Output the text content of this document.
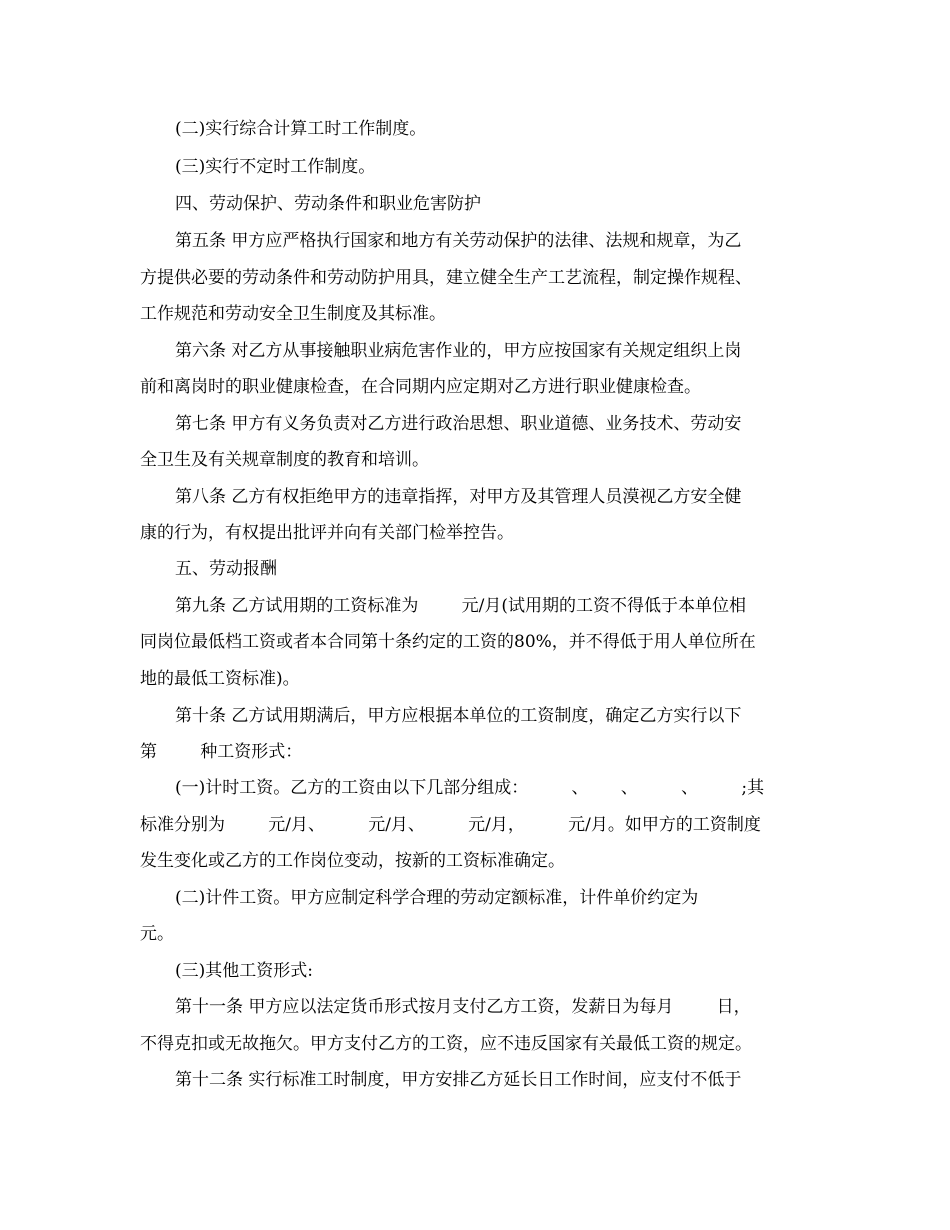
(二)实行综合计算工时工作制度。
(三)实行不定时工作制度。
四、劳动保护、劳动条件和职业危害防护
第五条 甲方应严格执行国家和地方有关劳动保护的法律、法规和规章，为乙
方提供必要的劳动条件和劳动防护用具，建立健全生产工艺流程，制定操作规程、
工作规范和劳动安全卫生制度及其标准。
第六条 对乙方从事接触职业病危害作业的，甲方应按国家有关规定组织上岗
前和离岗时的职业健康检查，在合同期内应定期对乙方进行职业健康检查。
第七条 甲方有义务负责对乙方进行政治思想、职业道德、业务技术、劳动安
全卫生及有关规章制度的教育和培训。
第八条 乙方有权拒绝甲方的违章指挥，对甲方及其管理人员漠视乙方安全健
康的行为，有权提出批评并向有关部门检举控告。
五、劳动报酬
第九条 乙方试用期的工资标准为        元/月(试用期的工资不得低于本单位相
同岗位最低档工资或者本合同第十条约定的工资的80%，并不得低于用人单位所在
地的最低工资标准)。
第十条 乙方试用期满后，甲方应根据本单位的工资制度，确定乙方实行以下
第        种工资形式：
(一)计时工资。乙方的工资由以下几部分组成：        、      、        、        ;其
标准分别为        元/月、        元/月、        元/月，        元/月。如甲方的工资制度
发生变化或乙方的工作岗位变动，按新的工资标准确定。
(二)计件工资。甲方应制定科学合理的劳动定额标准，计件单价约定为
元。
(三)其他工资形式:
第十一条 甲方应以法定货币形式按月支付乙方工资，发薪日为每月        日，
不得克扣或无故拖欠。甲方支付乙方的工资，应不违反国家有关最低工资的规定。
第十二条 实行标准工时制度，甲方安排乙方延长日工作时间，应支付不低于
